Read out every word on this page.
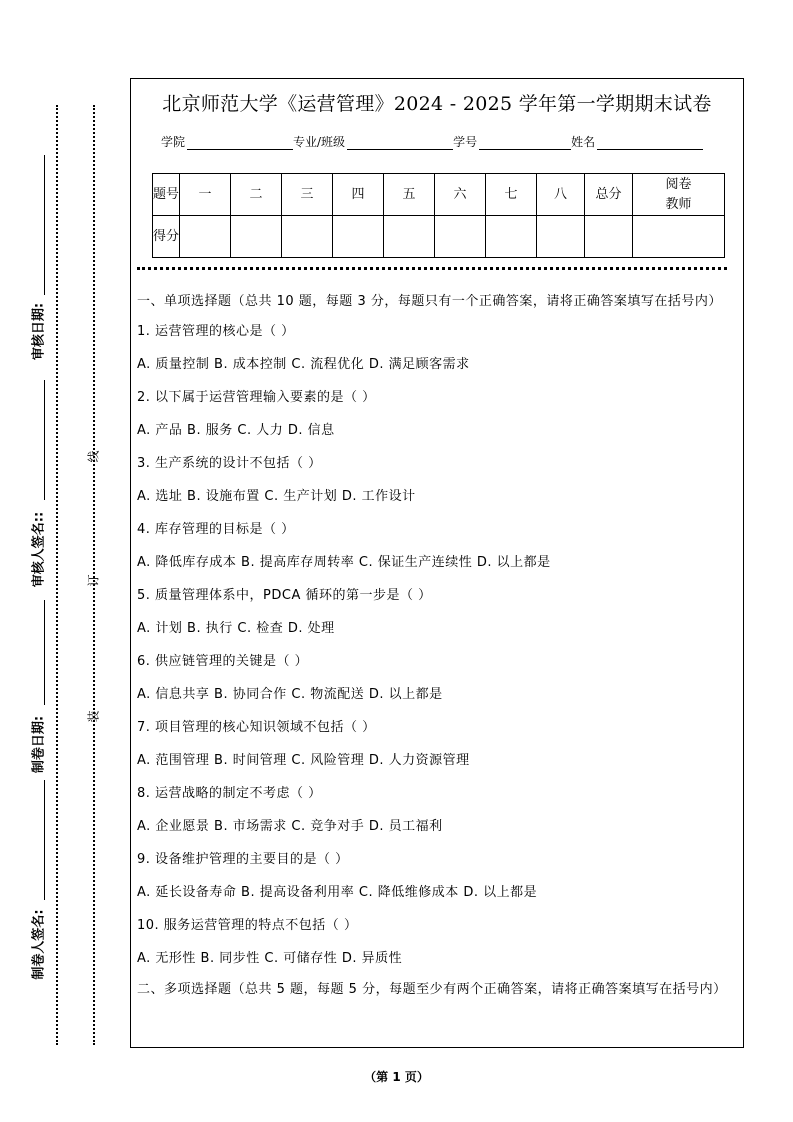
审核日期:
审核人签名::
制卷日期:
制卷人签名:
线
订
装
北京师范大学《运营管理》2024 - 2025 学年第一学期期末试卷
学院	专业/班级	学号	姓名
题号	一	二	三	四	五	六	七	八	总分	阅卷教师
得分										
一、单项选择题（总共 10 题，每题 3 分，每题只有一个正确答案，请将正确答案填写在括号内）
1. 运营管理的核心是（ ）
A. 质量控制 B. 成本控制 C. 流程优化 D. 满足顾客需求
2. 以下属于运营管理输入要素的是（ ）
A. 产品 B. 服务 C. 人力 D. 信息
3. 生产系统的设计不包括（ ）
A. 选址 B. 设施布置 C. 生产计划 D. 工作设计
4. 库存管理的目标是（ ）
A. 降低库存成本 B. 提高库存周转率 C. 保证生产连续性 D. 以上都是
5. 质量管理体系中，PDCA 循环的第一步是（ ）
A. 计划 B. 执行 C. 检查 D. 处理
6. 供应链管理的关键是（ ）
A. 信息共享 B. 协同合作 C. 物流配送 D. 以上都是
7. 项目管理的核心知识领域不包括（ ）
A. 范围管理 B. 时间管理 C. 风险管理 D. 人力资源管理
8. 运营战略的制定不考虑（ ）
A. 企业愿景 B. 市场需求 C. 竞争对手 D. 员工福利
9. 设备维护管理的主要目的是（ ）
A. 延长设备寿命 B. 提高设备利用率 C. 降低维修成本 D. 以上都是
10. 服务运营管理的特点不包括（ ）
A. 无形性 B. 同步性 C. 可储存性 D. 异质性
二、多项选择题（总共 5 题，每题 5 分，每题至少有两个正确答案，请将正确答案填写在括号内）
（第 1 页）
